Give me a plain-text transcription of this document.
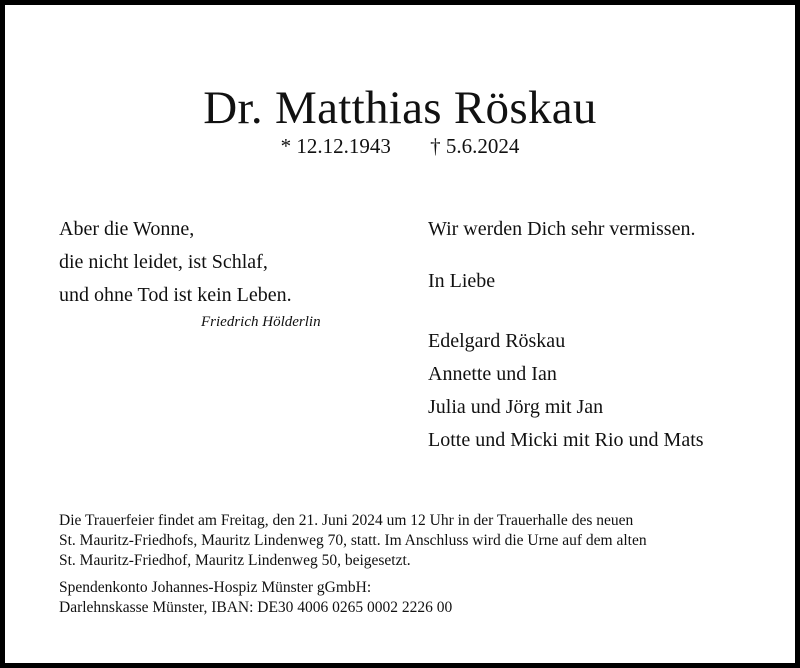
Dr. Matthias Röskau
* 12.12.1943 † 5.6.2024
Aber die Wonne,
die nicht leidet, ist Schlaf,
und ohne Tod ist kein Leben.
Friedrich Hölderlin
Wir werden Dich sehr vermissen.
In Liebe
Edelgard Röskau
Annette und Ian
Julia und Jörg mit Jan
Lotte und Micki mit Rio und Mats
Die Trauerfeier findet am Freitag, den 21. Juni 2024 um 12 Uhr in der Trauerhalle des neuen
St. Mauritz-Friedhofs, Mauritz Lindenweg 70, statt. Im Anschluss wird die Urne auf dem alten
St. Mauritz-Friedhof, Mauritz Lindenweg 50, beigesetzt.
Spendenkonto Johannes-Hospiz Münster gGmbH:
Darlehnskasse Münster, IBAN: DE30 4006 0265 0002 2226 00
